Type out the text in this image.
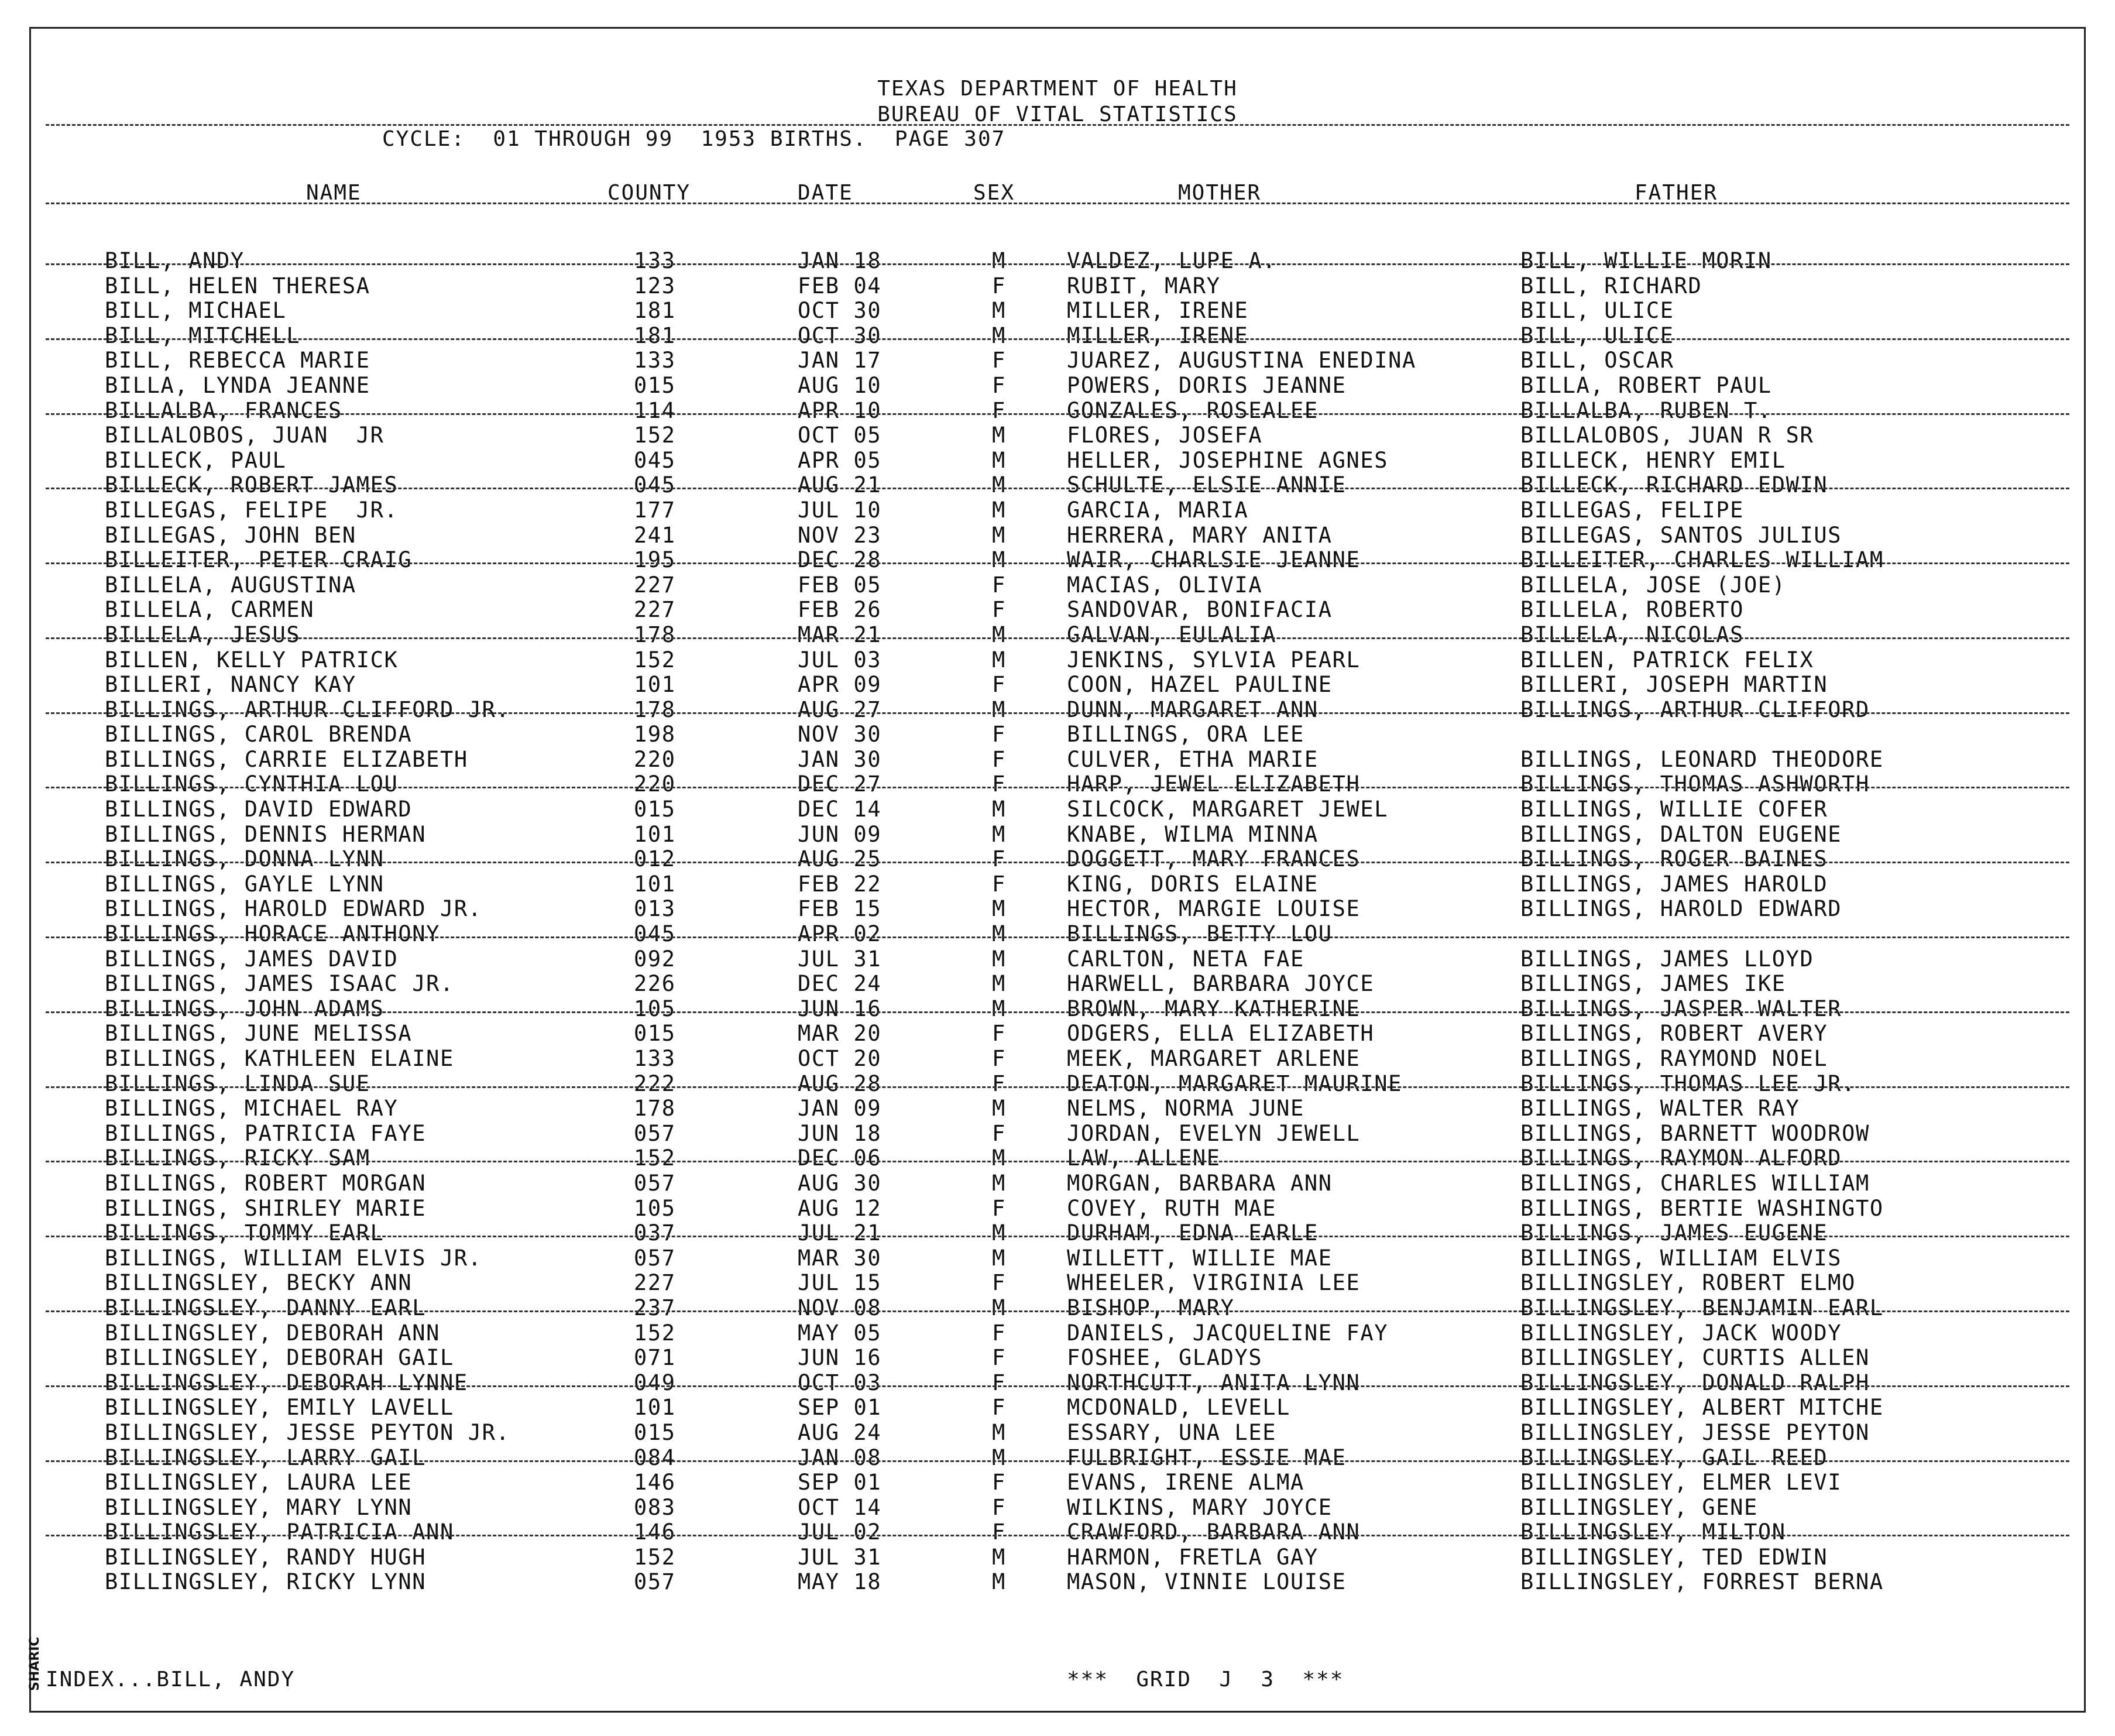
SHARIC
TEXAS DEPARTMENT OF HEALTH
BUREAU OF VITAL STATISTICS
CYCLE:  01 THROUGH 99  1953 BIRTHS.  PAGE 307
NAME	COUNTY	DATE	SEX	MOTHER	FATHER
BILL, ANDY	133	JAN 18	M	VALDEZ, LUPE A.	BILL, WILLIE MORIN
BILL, HELEN THERESA	123	FEB 04	F	RUBIT, MARY	BILL, RICHARD
BILL, MICHAEL	181	OCT 30	M	MILLER, IRENE	BILL, ULICE
BILL, MITCHELL	181	OCT 30	M	MILLER, IRENE	BILL, ULICE
BILL, REBECCA MARIE	133	JAN 17	F	JUAREZ, AUGUSTINA ENEDINA	BILL, OSCAR
BILLA, LYNDA JEANNE	015	AUG 10	F	POWERS, DORIS JEANNE	BILLA, ROBERT PAUL
BILLALBA, FRANCES	114	APR 10	F	GONZALES, ROSEALEE	BILLALBA, RUBEN T.
BILLALOBOS, JUAN  JR	152	OCT 05	M	FLORES, JOSEFA	BILLALOBOS, JUAN R SR
BILLECK, PAUL	045	APR 05	M	HELLER, JOSEPHINE AGNES	BILLECK, HENRY EMIL
BILLECK, ROBERT JAMES	045	AUG 21	M	SCHULTE, ELSIE ANNIE	BILLECK, RICHARD EDWIN
BILLEGAS, FELIPE  JR.	177	JUL 10	M	GARCIA, MARIA	BILLEGAS, FELIPE
BILLEGAS, JOHN BEN	241	NOV 23	M	HERRERA, MARY ANITA	BILLEGAS, SANTOS JULIUS
BILLEITER, PETER CRAIG	195	DEC 28	M	WAIR, CHARLSIE JEANNE	BILLEITER, CHARLES WILLIAM
BILLELA, AUGUSTINA	227	FEB 05	F	MACIAS, OLIVIA	BILLELA, JOSE (JOE)
BILLELA, CARMEN	227	FEB 26	F	SANDOVAR, BONIFACIA	BILLELA, ROBERTO
BILLELA, JESUS	178	MAR 21	M	GALVAN, EULALIA	BILLELA, NICOLAS
BILLEN, KELLY PATRICK	152	JUL 03	M	JENKINS, SYLVIA PEARL	BILLEN, PATRICK FELIX
BILLERI, NANCY KAY	101	APR 09	F	COON, HAZEL PAULINE	BILLERI, JOSEPH MARTIN
BILLINGS, ARTHUR CLIFFORD JR.	178	AUG 27	M	DUNN, MARGARET ANN	BILLINGS, ARTHUR CLIFFORD
BILLINGS, CAROL BRENDA	198	NOV 30	F	BILLINGS, ORA LEE
BILLINGS, CARRIE ELIZABETH	220	JAN 30	F	CULVER, ETHA MARIE	BILLINGS, LEONARD THEODORE
BILLINGS, CYNTHIA LOU	220	DEC 27	F	HARP, JEWEL ELIZABETH	BILLINGS, THOMAS ASHWORTH
BILLINGS, DAVID EDWARD	015	DEC 14	M	SILCOCK, MARGARET JEWEL	BILLINGS, WILLIE COFER
BILLINGS, DENNIS HERMAN	101	JUN 09	M	KNABE, WILMA MINNA	BILLINGS, DALTON EUGENE
BILLINGS, DONNA LYNN	012	AUG 25	F	DOGGETT, MARY FRANCES	BILLINGS, ROGER BAINES
BILLINGS, GAYLE LYNN	101	FEB 22	F	KING, DORIS ELAINE	BILLINGS, JAMES HAROLD
BILLINGS, HAROLD EDWARD JR.	013	FEB 15	M	HECTOR, MARGIE LOUISE	BILLINGS, HAROLD EDWARD
BILLINGS, HORACE ANTHONY	045	APR 02	M	BILLINGS, BETTY LOU
BILLINGS, JAMES DAVID	092	JUL 31	M	CARLTON, NETA FAE	BILLINGS, JAMES LLOYD
BILLINGS, JAMES ISAAC JR.	226	DEC 24	M	HARWELL, BARBARA JOYCE	BILLINGS, JAMES IKE
BILLINGS, JOHN ADAMS	105	JUN 16	M	BROWN, MARY KATHERINE	BILLINGS, JASPER WALTER
BILLINGS, JUNE MELISSA	015	MAR 20	F	ODGERS, ELLA ELIZABETH	BILLINGS, ROBERT AVERY
BILLINGS, KATHLEEN ELAINE	133	OCT 20	F	MEEK, MARGARET ARLENE	BILLINGS, RAYMOND NOEL
BILLINGS, LINDA SUE	222	AUG 28	F	DEATON, MARGARET MAURINE	BILLINGS, THOMAS LEE JR.
BILLINGS, MICHAEL RAY	178	JAN 09	M	NELMS, NORMA JUNE	BILLINGS, WALTER RAY
BILLINGS, PATRICIA FAYE	057	JUN 18	F	JORDAN, EVELYN JEWELL	BILLINGS, BARNETT WOODROW
BILLINGS, RICKY SAM	152	DEC 06	M	LAW, ALLENE	BILLINGS, RAYMON ALFORD
BILLINGS, ROBERT MORGAN	057	AUG 30	M	MORGAN, BARBARA ANN	BILLINGS, CHARLES WILLIAM
BILLINGS, SHIRLEY MARIE	105	AUG 12	F	COVEY, RUTH MAE	BILLINGS, BERTIE WASHINGTO
BILLINGS, TOMMY EARL	037	JUL 21	M	DURHAM, EDNA EARLE	BILLINGS, JAMES EUGENE
BILLINGS, WILLIAM ELVIS JR.	057	MAR 30	M	WILLETT, WILLIE MAE	BILLINGS, WILLIAM ELVIS
BILLINGSLEY, BECKY ANN	227	JUL 15	F	WHEELER, VIRGINIA LEE	BILLINGSLEY, ROBERT ELMO
BILLINGSLEY, DANNY EARL	237	NOV 08	M	BISHOP, MARY	BILLINGSLEY, BENJAMIN EARL
BILLINGSLEY, DEBORAH ANN	152	MAY 05	F	DANIELS, JACQUELINE FAY	BILLINGSLEY, JACK WOODY
BILLINGSLEY, DEBORAH GAIL	071	JUN 16	F	FOSHEE, GLADYS	BILLINGSLEY, CURTIS ALLEN
BILLINGSLEY, DEBORAH LYNNE	049	OCT 03	F	NORTHCUTT, ANITA LYNN	BILLINGSLEY, DONALD RALPH
BILLINGSLEY, EMILY LAVELL	101	SEP 01	F	MCDONALD, LEVELL	BILLINGSLEY, ALBERT MITCHE
BILLINGSLEY, JESSE PEYTON JR.	015	AUG 24	M	ESSARY, UNA LEE	BILLINGSLEY, JESSE PEYTON
BILLINGSLEY, LARRY GAIL	084	JAN 08	M	FULBRIGHT, ESSIE MAE	BILLINGSLEY, GAIL REED
BILLINGSLEY, LAURA LEE	146	SEP 01	F	EVANS, IRENE ALMA	BILLINGSLEY, ELMER LEVI
BILLINGSLEY, MARY LYNN	083	OCT 14	F	WILKINS, MARY JOYCE	BILLINGSLEY, GENE
BILLINGSLEY, PATRICIA ANN	146	JUL 02	F	CRAWFORD, BARBARA ANN	BILLINGSLEY, MILTON
BILLINGSLEY, RANDY HUGH	152	JUL 31	M	HARMON, FRETLA GAY	BILLINGSLEY, TED EDWIN
BILLINGSLEY, RICKY LYNN	057	MAY 18	M	MASON, VINNIE LOUISE	BILLINGSLEY, FORREST BERNA
INDEX...BILL, ANDY	***  GRID  J  3  ***
